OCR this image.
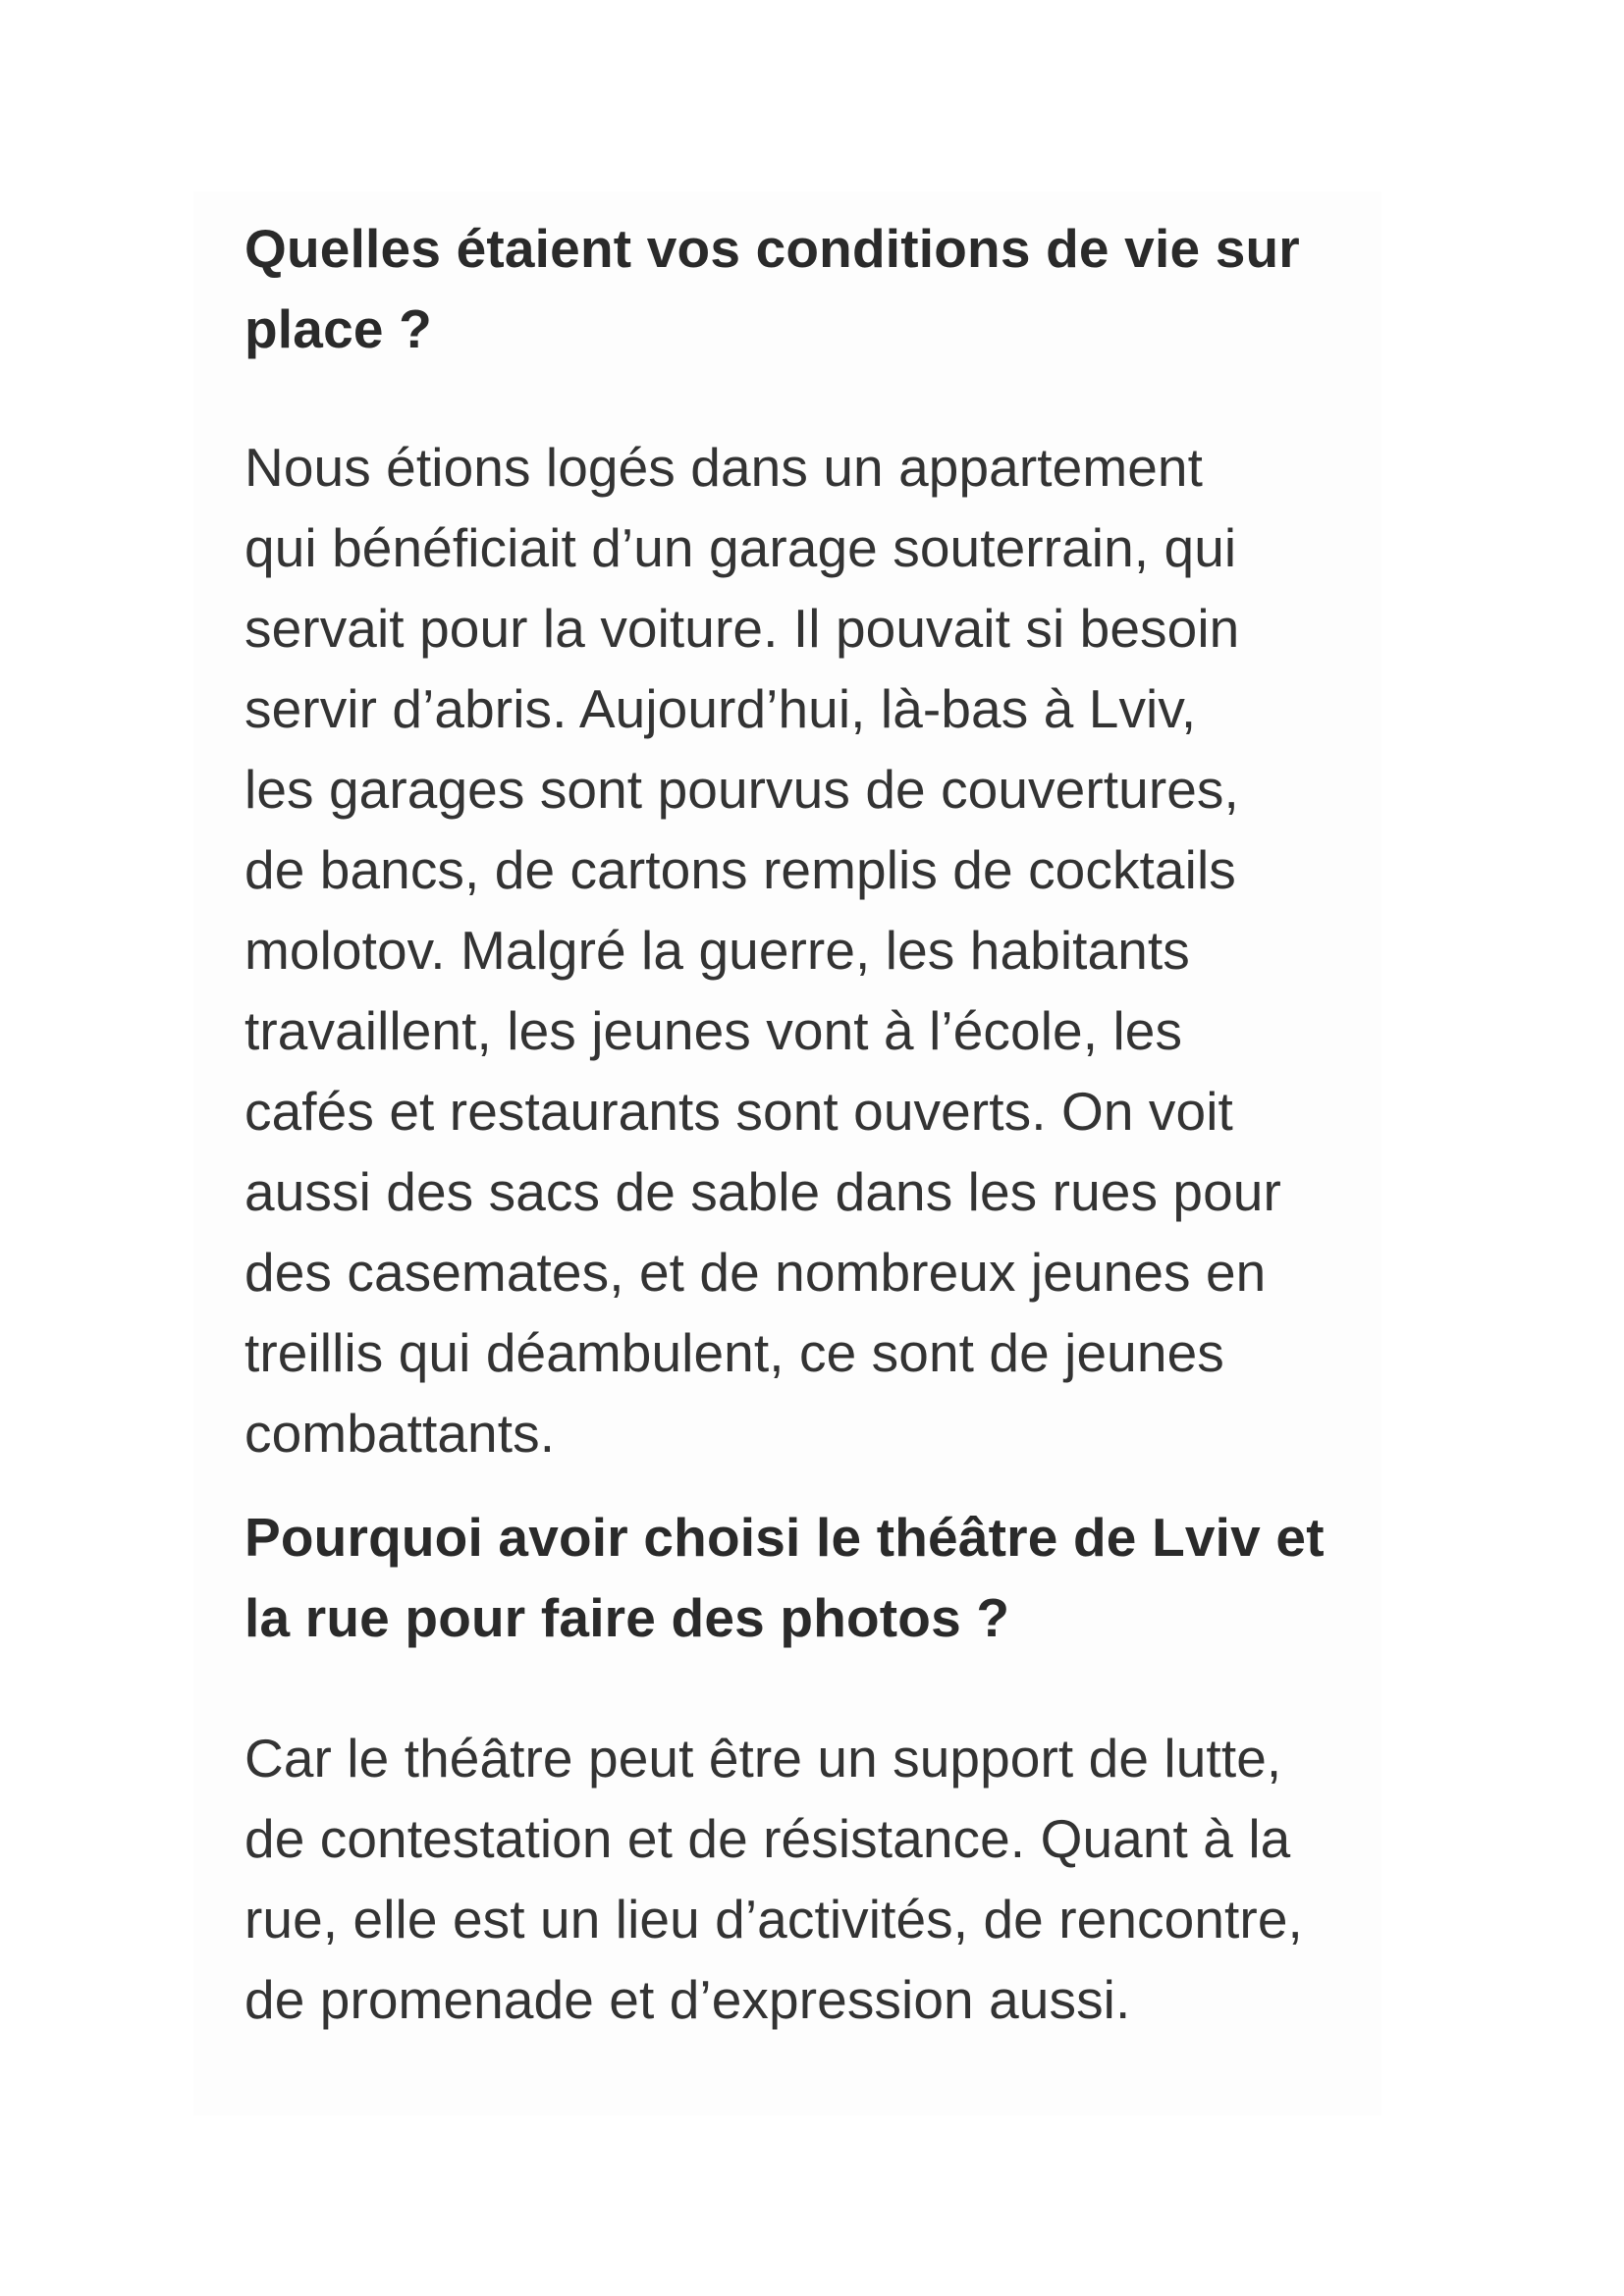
Quelles étaient vos conditions de vie sur
place ?

Nous étions logés dans un appartement
qui bénéficiait d’un garage souterrain, qui
servait pour la voiture. Il pouvait si besoin
servir d’abris. Aujourd’hui, là-bas à Lviv,
les garages sont pourvus de couvertures,
de bancs, de cartons remplis de cocktails
molotov. Malgré la guerre, les habitants
travaillent, les jeunes vont à l’école, les
cafés et restaurants sont ouverts. On voit
aussi des sacs de sable dans les rues pour
des casemates, et de nombreux jeunes en
treillis qui déambulent, ce sont de jeunes
combattants.

Pourquoi avoir choisi le théâtre de Lviv et
la rue pour faire des photos ?

Car le théâtre peut être un support de lutte,
de contestation et de résistance. Quant à la
rue, elle est un lieu d’activités, de rencontre,
de promenade et d’expression aussi.
